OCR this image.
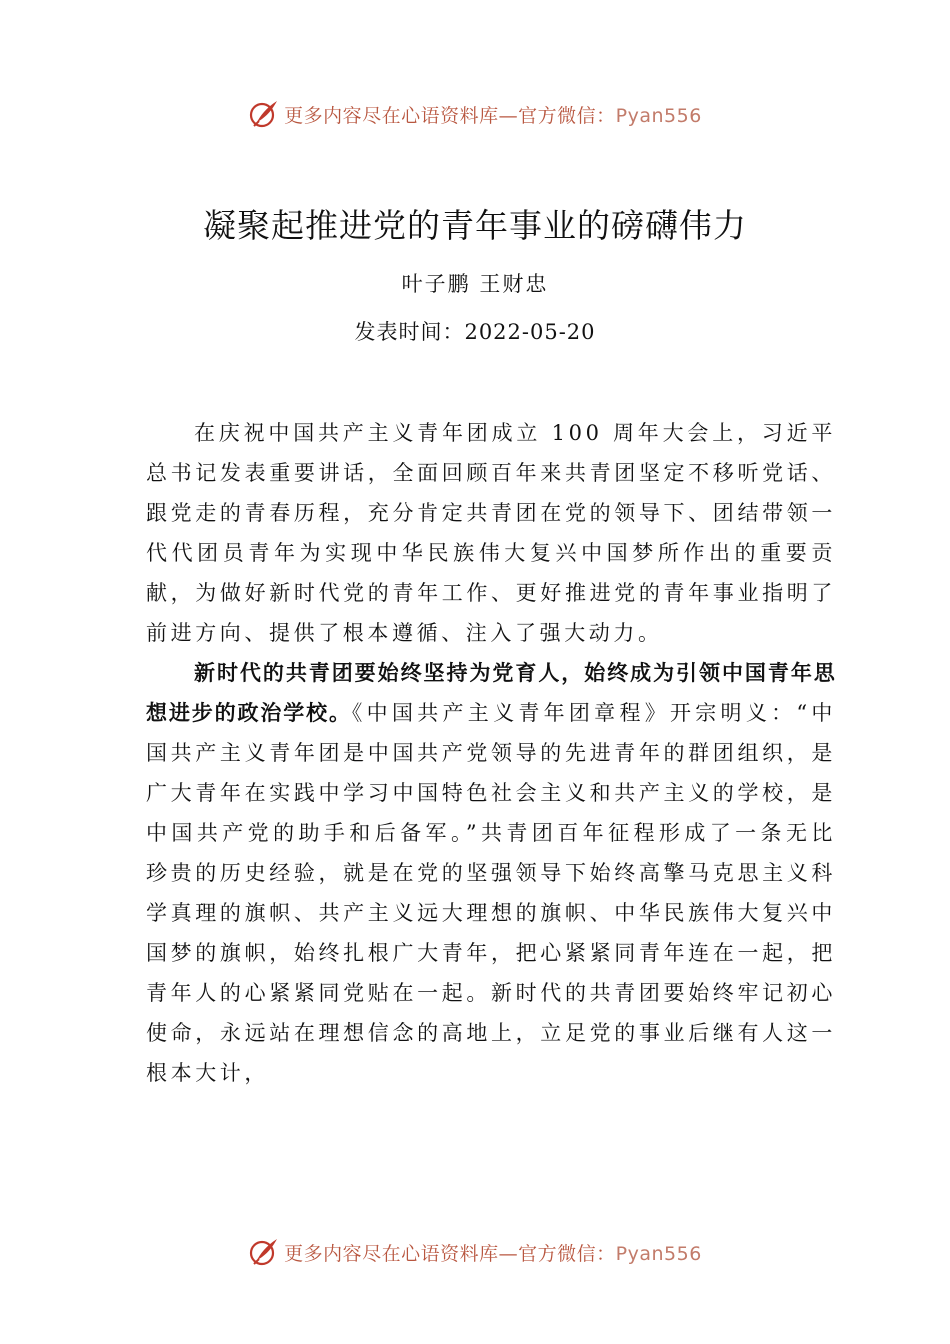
更多内容尽在心语资料库—官方微信：Pyan556
凝聚起推进党的青年事业的磅礴伟力
叶子鹏 王财忠
发表时间：2022-05-20

在庆祝中国共产主义青年团成立 100 周年大会上，习近平总书记发表重要讲话，全面回顾百年来共青团坚定不移听党话、跟党走的青春历程，充分肯定共青团在党的领导下、团结带领一代代团员青年为实现中华民族伟大复兴中国梦所作出的重要贡献，为做好新时代党的青年工作、更好推进党的青年事业指明了前进方向、提供了根本遵循、注入了强大动力。

新时代的共青团要始终坚持为党育人，始终成为引领中国青年思想进步的政治学校。《中国共产主义青年团章程》开宗明义：“中国共产主义青年团是中国共产党领导的先进青年的群团组织，是广大青年在实践中学习中国特色社会主义和共产主义的学校，是中国共产党的助手和后备军。”共青团百年征程形成了一条无比珍贵的历史经验，就是在党的坚强领导下始终高擎马克思主义科学真理的旗帜、共产主义远大理想的旗帜、中华民族伟大复兴中国梦的旗帜，始终扎根广大青年，把心紧紧同青年连在一起，把青年人的心紧紧同党贴在一起。新时代的共青团要始终牢记初心使命，永远站在理想信念的高地上，立足党的事业后继有人这一根本大计，

更多内容尽在心语资料库—官方微信：Pyan556
